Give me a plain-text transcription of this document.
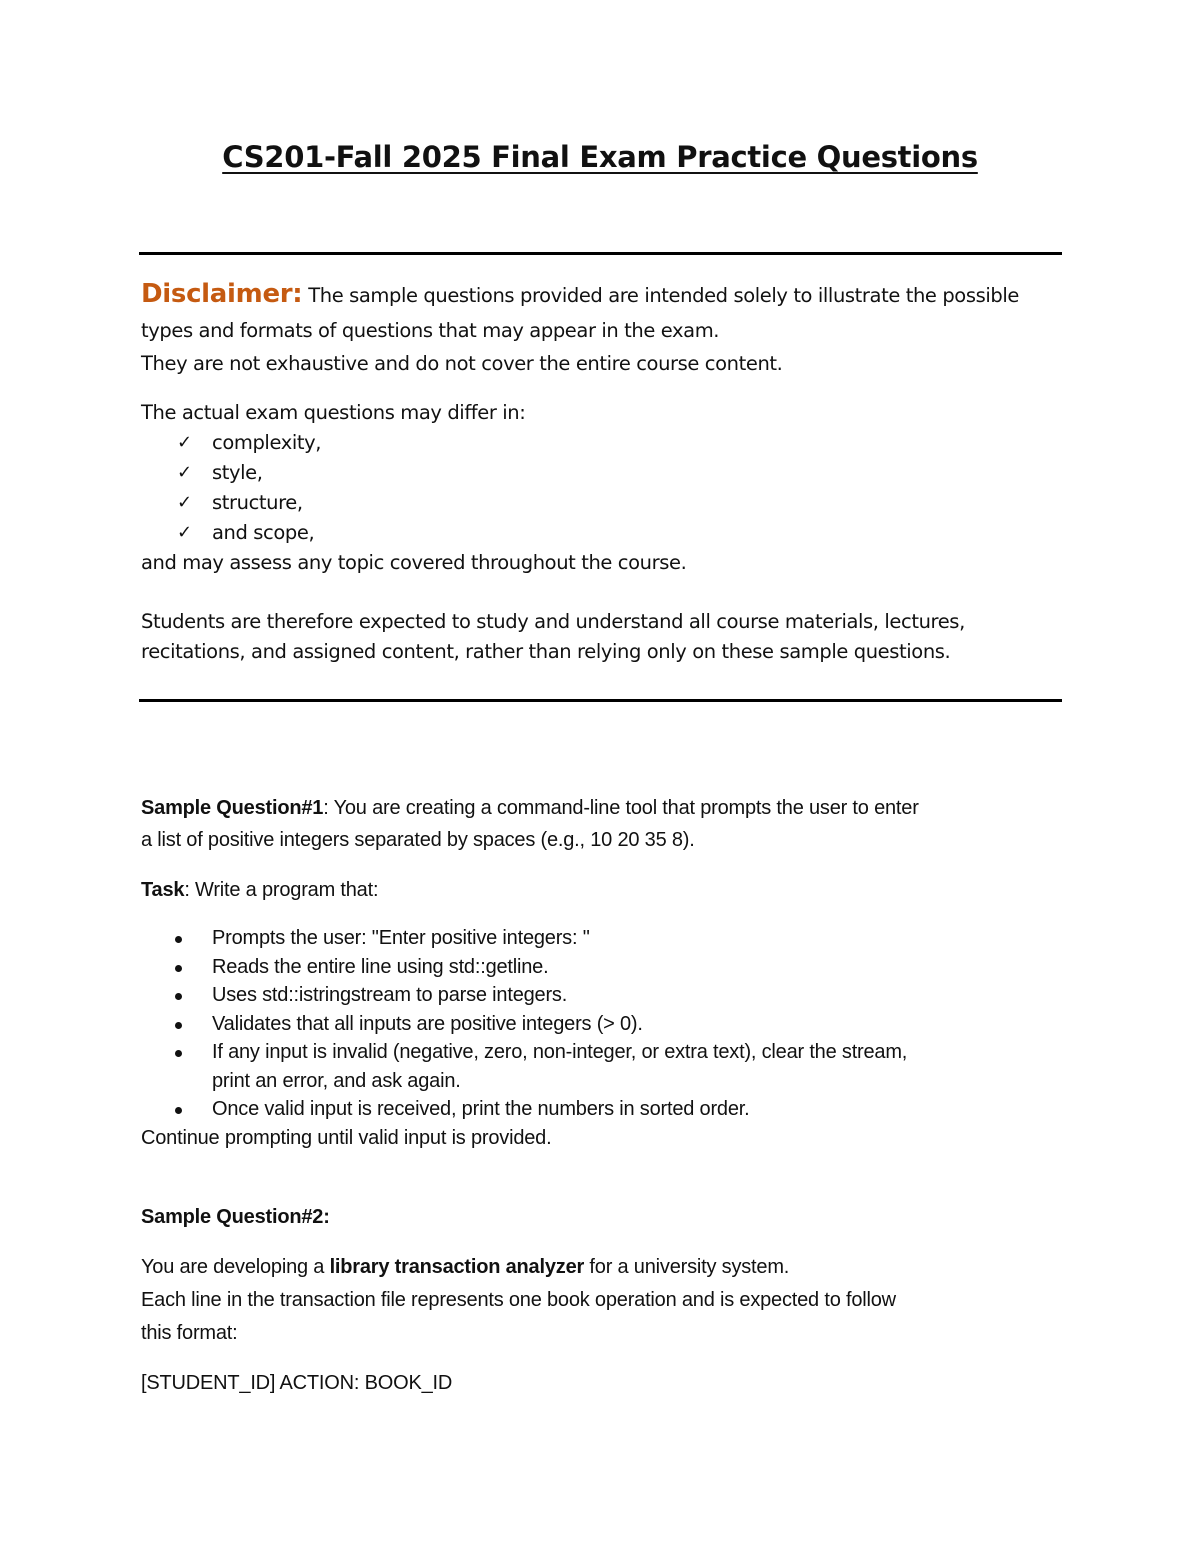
CS201-Fall 2025 Final Exam Practice Questions
Disclaimer: The sample questions provided are intended solely to illustrate the possible
types and formats of questions that may appear in the exam.
They are not exhaustive and do not cover the entire course content.
The actual exam questions may differ in:
✓ complexity,
✓ style,
✓ structure,
✓ and scope,
and may assess any topic covered throughout the course.
Students are therefore expected to study and understand all course materials, lectures,
recitations, and assigned content, rather than relying only on these sample questions.
Sample Question#1: You are creating a command-line tool that prompts the user to enter
a list of positive integers separated by spaces (e.g., 10 20 35 8).
Task: Write a program that:
Prompts the user: "Enter positive integers: "
Reads the entire line using std::getline.
Uses std::istringstream to parse integers.
Validates that all inputs are positive integers (> 0).
If any input is invalid (negative, zero, non-integer, or extra text), clear the stream,
print an error, and ask again.
Once valid input is received, print the numbers in sorted order.
Continue prompting until valid input is provided.
Sample Question#2:
You are developing a library transaction analyzer for a university system.
Each line in the transaction file represents one book operation and is expected to follow
this format:
[STUDENT_ID] ACTION: BOOK_ID
